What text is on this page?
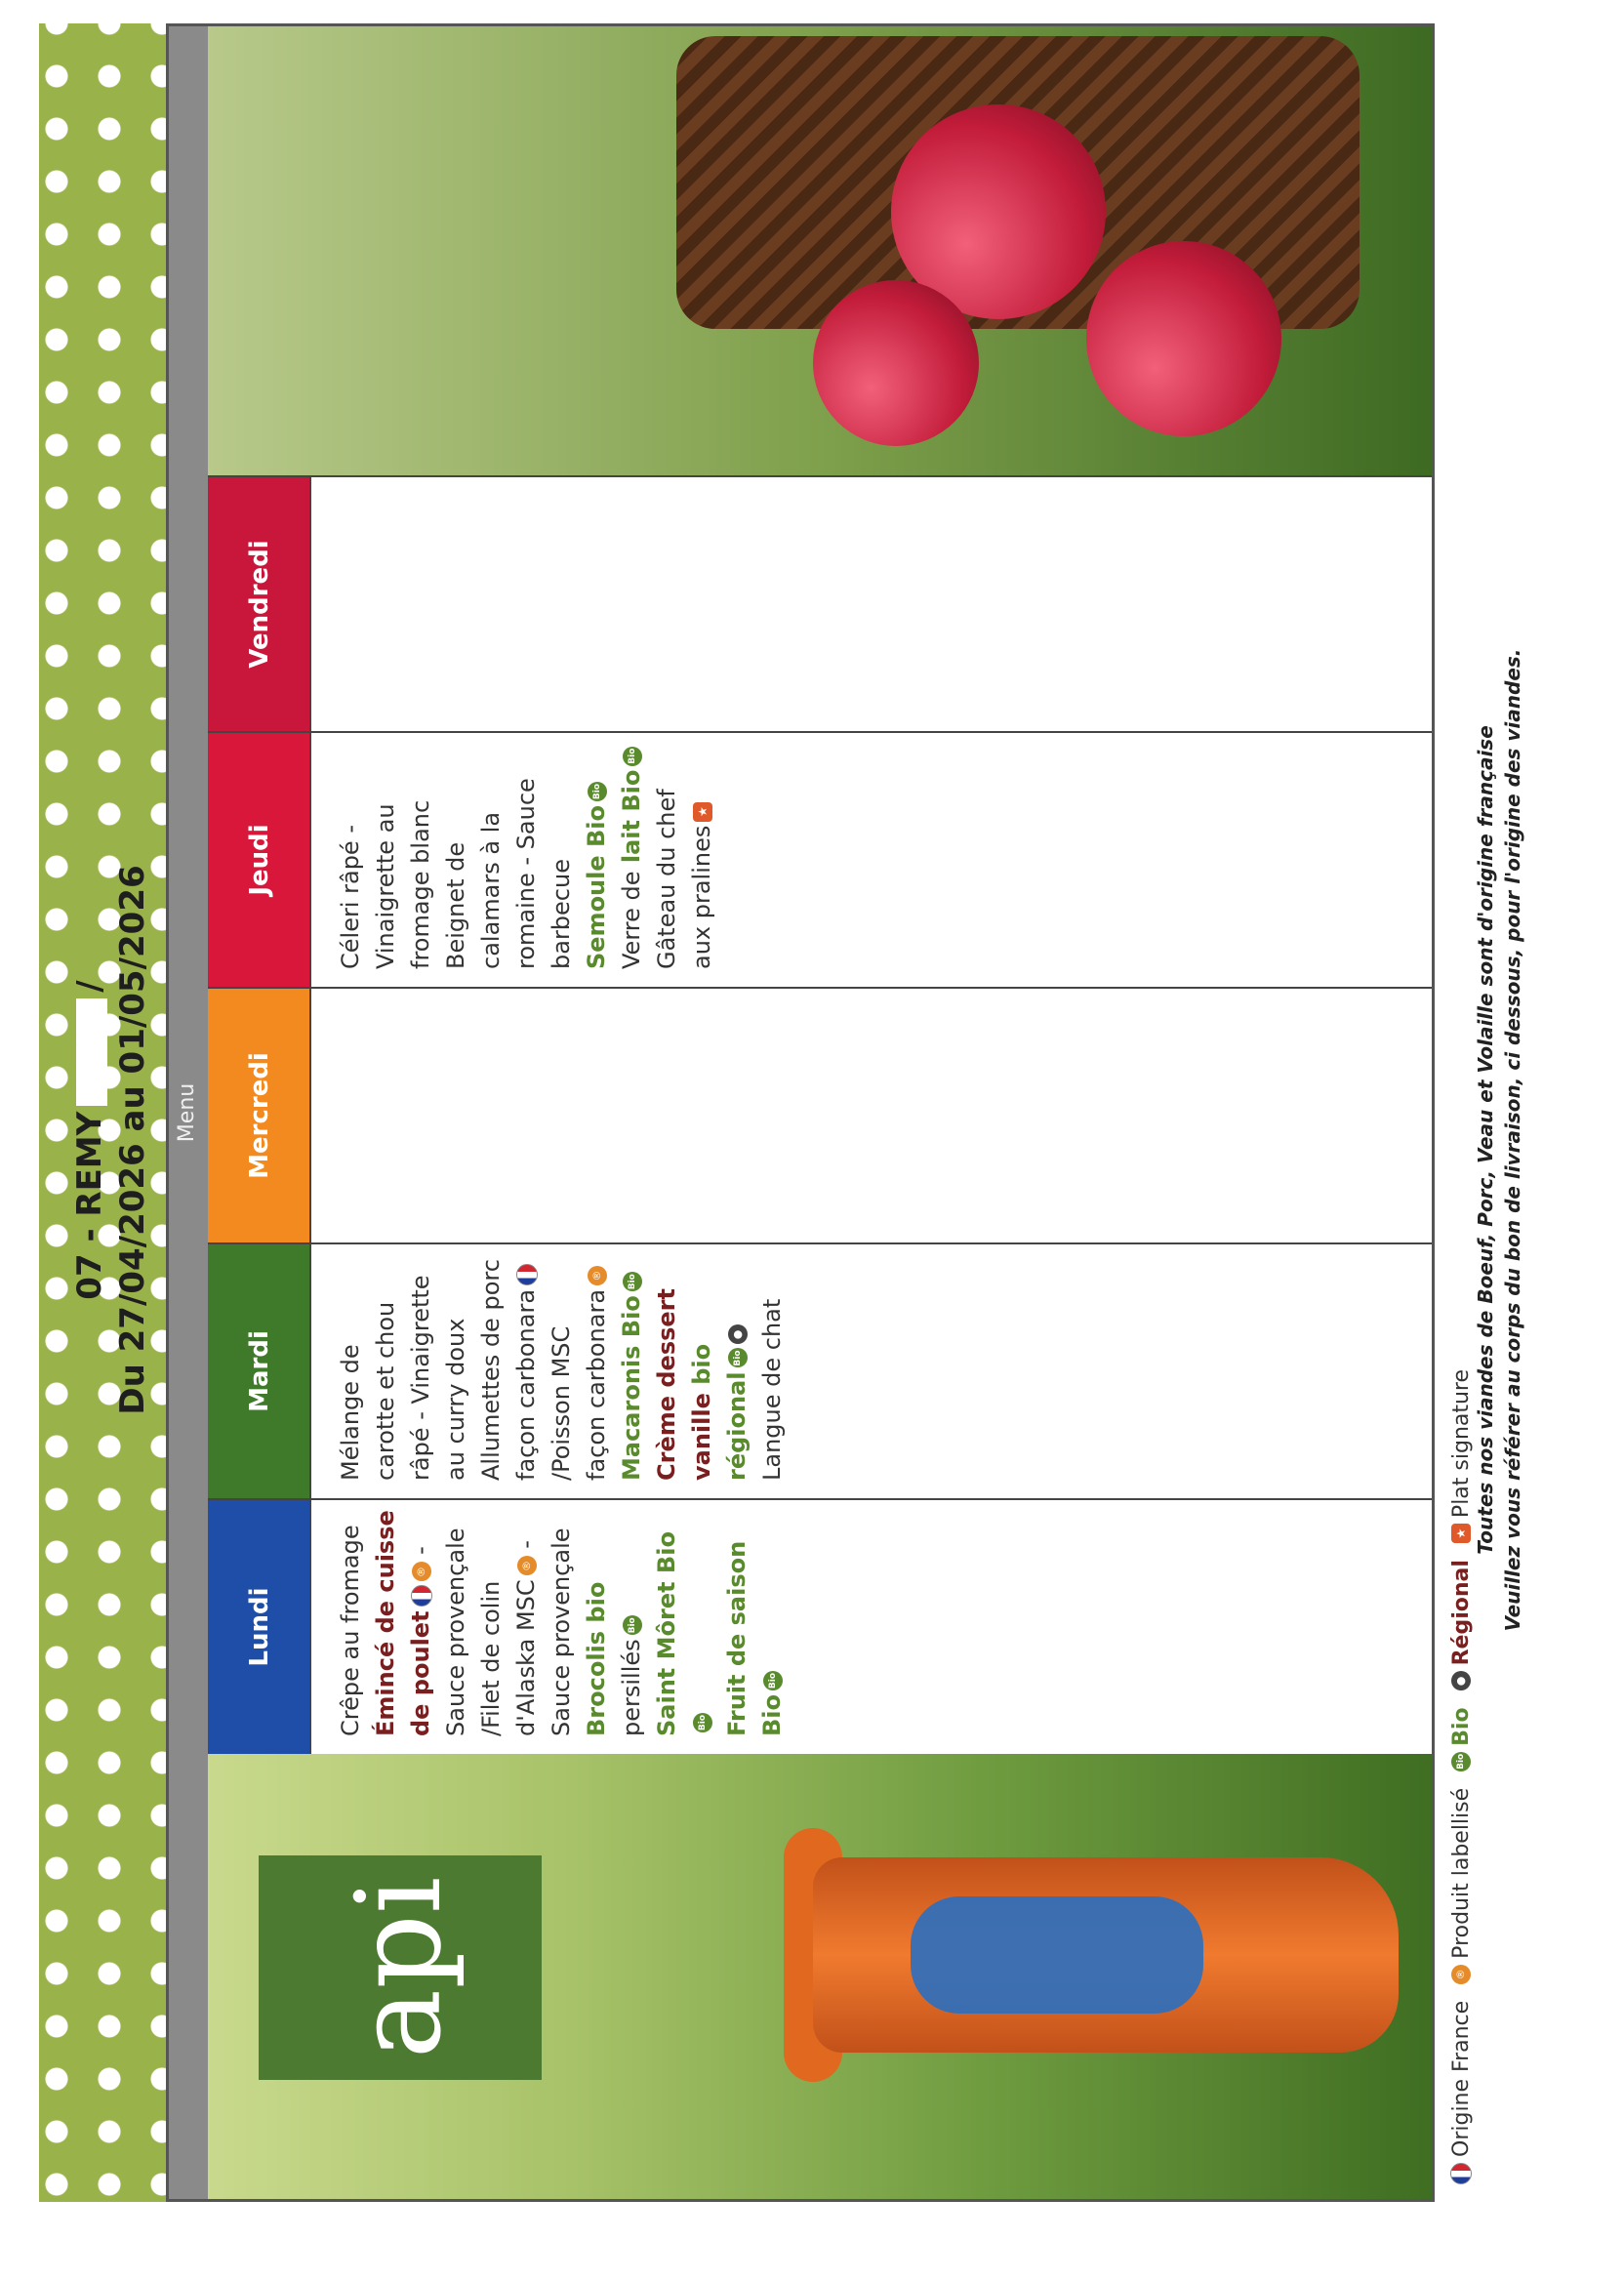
07 - REMY/ Du 27/04/2026 au 01/05/2026 Menu
api
Lundi	Crêpe au fromage Émincé de cuisse de poulet® - Sauce provençale /Filet de colin d'Alaska MSC® - Sauce provençale Brocolis bio persillésBio Saint Môret Bio Bio Fruit de saison BioBio
Mardi	Mélange de carotte et chou râpé - Vinaigrette au curry doux Allumettes de porc façon carbonara /Poisson MSC façon carbonara®
Macaronis BioBio
Crème dessert vanille bio régionalBio● Langue de chat
Mercredi
Jeudi	Céleri râpé - Vinaigrette au fromage blanc Beignet de calamars à la romaine - Sauce barbecue Semoule BioBio
Verre de lait BioBio
Gâteau du chef aux pralines★
Vendredi
Origine France ®Produit labellisé BioBio ●Régional ★Plat signature Toutes nos viandes de Boeuf, Porc, Veau et Volaille sont d'origine française Veuillez vous référer au corps du bon de livraison, ci dessous, pour l'origine des viandes.
